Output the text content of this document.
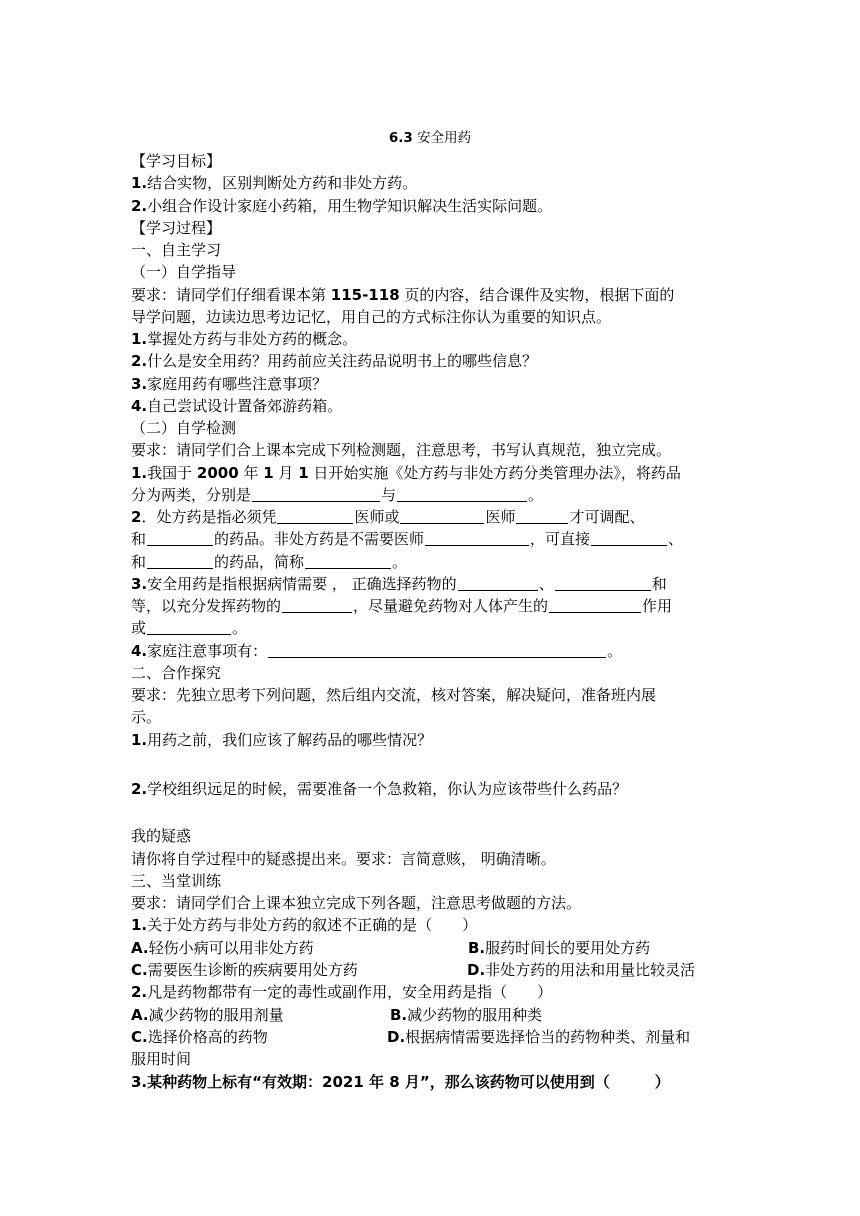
6.3 安全用药
【学习目标】
1.结合实物，区别判断处方药和非处方药。
2.小组合作设计家庭小药箱，用生物学知识解决生活实际问题。
【学习过程】
一、自主学习
（一）自学指导
要求：请同学们仔细看课本第 115-118 页的内容，结合课件及实物，根据下面的
导学问题，边读边思考边记忆，用自己的方式标注你认为重要的知识点。
1.掌握处方药与非处方药的概念。
2.什么是安全用药？用药前应关注药品说明书上的哪些信息？
3.家庭用药有哪些注意事项？
4.自己尝试设计置备郊游药箱。
（二）自学检测
要求：请同学们合上课本完成下列检测题，注意思考，书写认真规范，独立完成。
1.我国于 2000 年 1 月 1 日开始实施《处方药与非处方药分类管理办法》，将药品
分为两类，分别是	与	。
2．处方药是指必须凭	医师或	医师	才可调配、
和	的药品。非处方药是不需要医师	，可直接	、
和	的药品，简称	。
3.安全用药是指根据病情需要 ， 正确选择药物的	、	和
等，以充分发挥药物的	，尽量避免药物对人体产生的	作用
或	。
4.家庭注意事项有：	。
二、合作探究
要求：先独立思考下列问题，然后组内交流，核对答案，解决疑问，准备班内展
示。
1.用药之前，我们应该了解药品的哪些情况？
2.学校组织远足的时候，需要准备一个急救箱，你认为应该带些什么药品？
我的疑惑
请你将自学过程中的疑惑提出来。要求：言简意赅， 明确清晰。
三、当堂训练
要求：请同学们合上课本独立完成下列各题，注意思考做题的方法。
1.关于处方药与非处方药的叙述不正确的是（　　）
A.轻伤小病可以用非处方药	B.服药时间长的要用处方药
C.需要医生诊断的疾病要用处方药	D.非处方药的用法和用量比较灵活
2.凡是药物都带有一定的毒性或副作用，安全用药是指（　　）
A.减少药物的服用剂量	B.减少药物的服用种类
C.选择价格高的药物	D.根据病情需要选择恰当的药物种类、剂量和
服用时间
3.某种药物上标有“有效期：2021 年 8 月”，那么该药物可以使用到（　　　）
